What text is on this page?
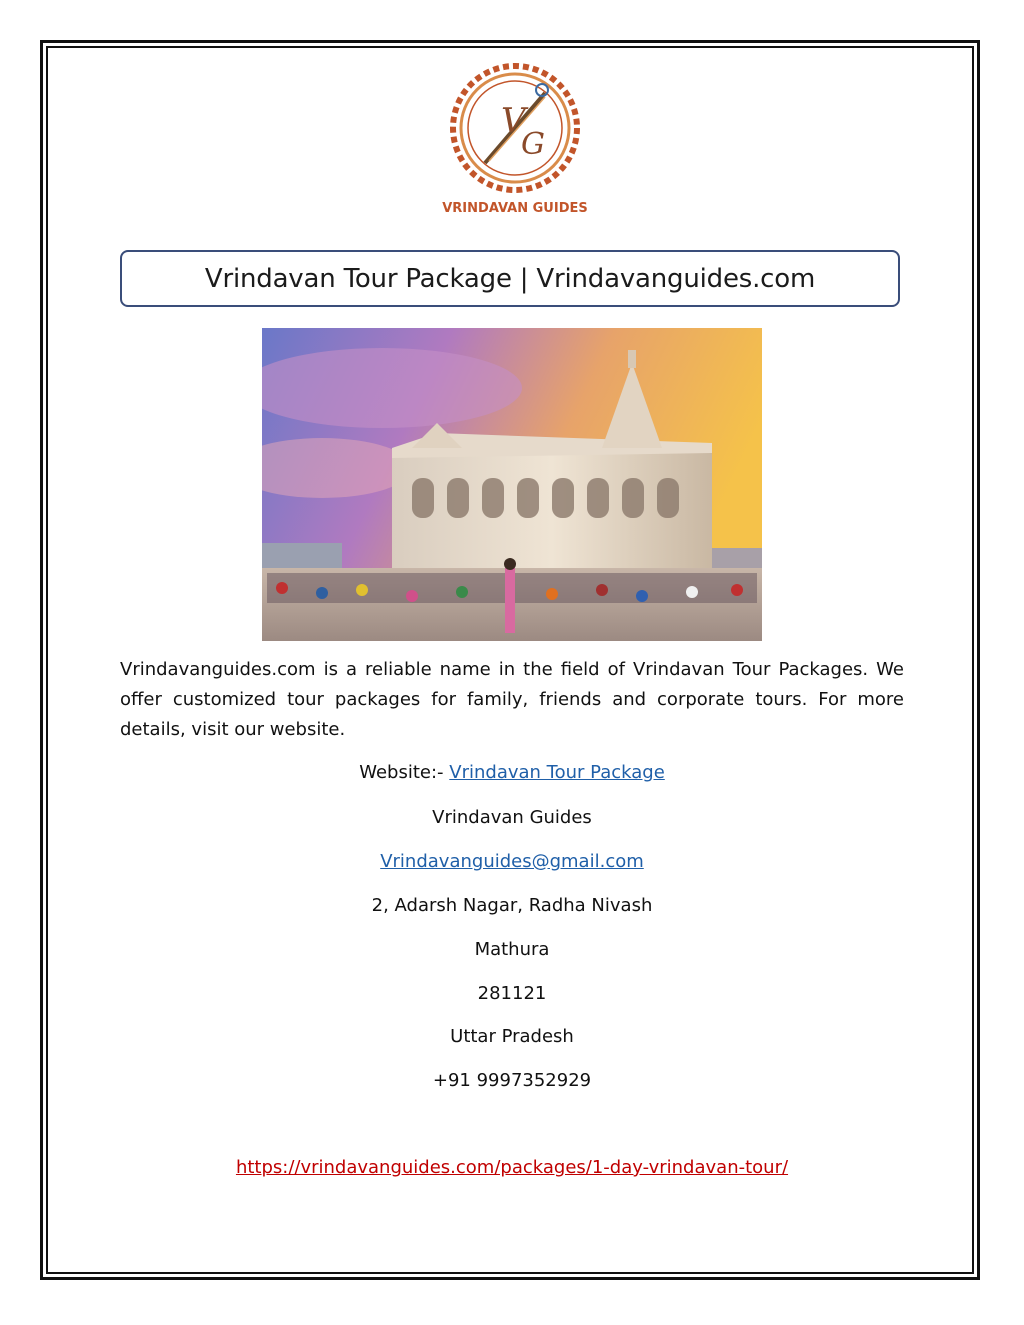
V
G
VRINDAVAN GUIDES
Vrindavan Tour Package | Vrindavanguides.com
Vrindavanguides.com is a reliable name in the field of Vrindavan Tour Packages. We offer customized tour packages for family, friends and corporate tours. For more details, visit our website.
Website:- Vrindavan Tour Package
Vrindavan Guides
Vrindavanguides@gmail.com
2, Adarsh Nagar, Radha Nivash
Mathura
281121
Uttar Pradesh
+91 9997352929
https://vrindavanguides.com/packages/1-day-vrindavan-tour/
